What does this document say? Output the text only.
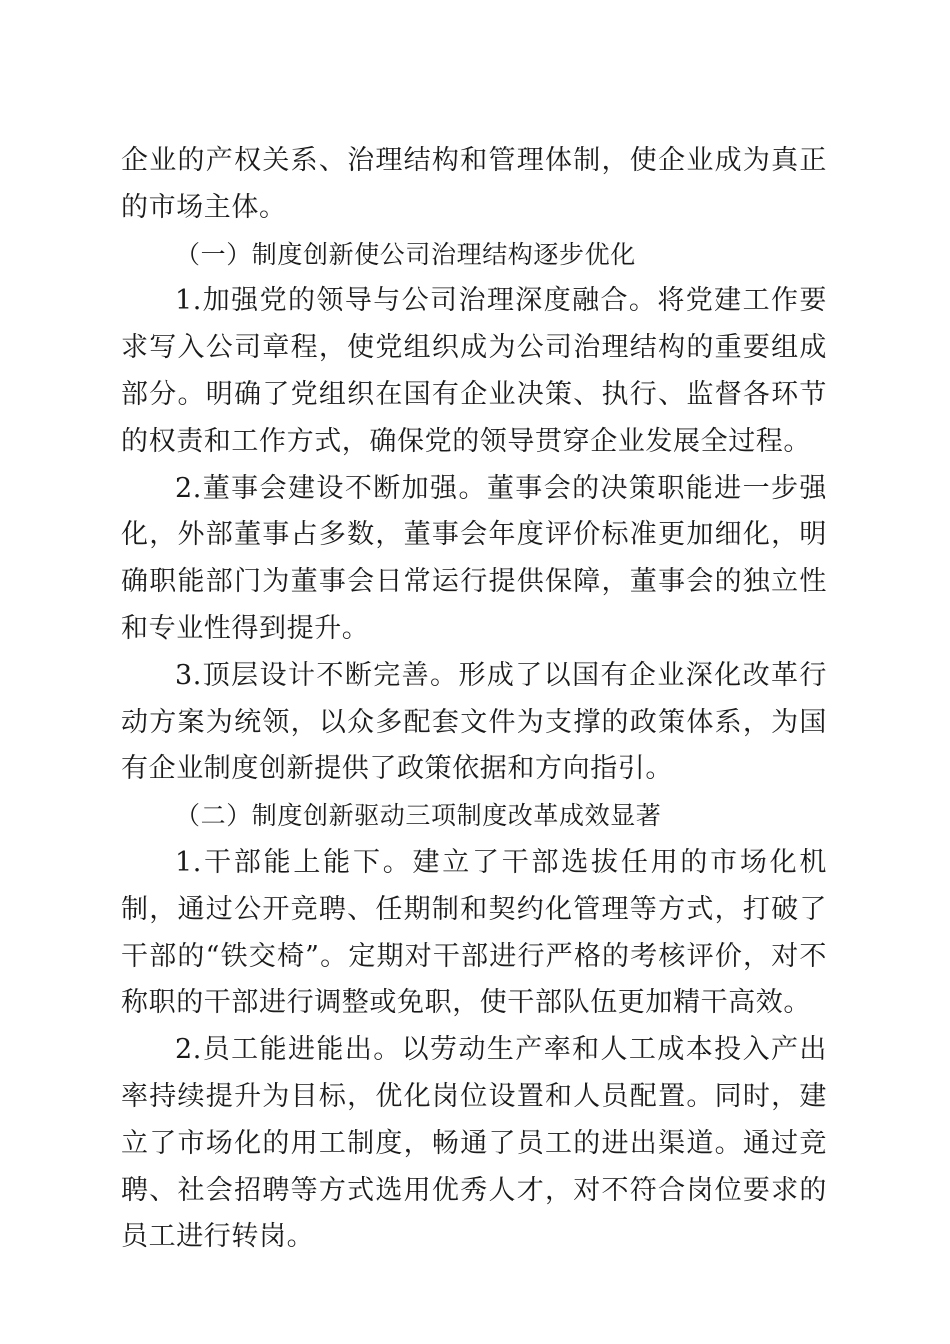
企业的产权关系、治理结构和管理体制，使企业成为真正的市场主体。

（一）制度创新使公司治理结构逐步优化

1.加强党的领导与公司治理深度融合。将党建工作要求写入公司章程，使党组织成为公司治理结构的重要组成部分。明确了党组织在国有企业决策、执行、监督各环节的权责和工作方式，确保党的领导贯穿企业发展全过程。

2.董事会建设不断加强。董事会的决策职能进一步强化，外部董事占多数，董事会年度评价标准更加细化，明确职能部门为董事会日常运行提供保障，董事会的独立性和专业性得到提升。

3.顶层设计不断完善。形成了以国有企业深化改革行动方案为统领，以众多配套文件为支撑的政策体系，为国有企业制度创新提供了政策依据和方向指引。

（二）制度创新驱动三项制度改革成效显著

1.干部能上能下。建立了干部选拔任用的市场化机制，通过公开竞聘、任期制和契约化管理等方式，打破了干部的“铁交椅”。定期对干部进行严格的考核评价，对不称职的干部进行调整或免职，使干部队伍更加精干高效。

2.员工能进能出。以劳动生产率和人工成本投入产出率持续提升为目标，优化岗位设置和人员配置。同时，建立了市场化的用工制度，畅通了员工的进出渠道。通过竞聘、社会招聘等方式选用优秀人才，对不符合岗位要求的员工进行转岗。
